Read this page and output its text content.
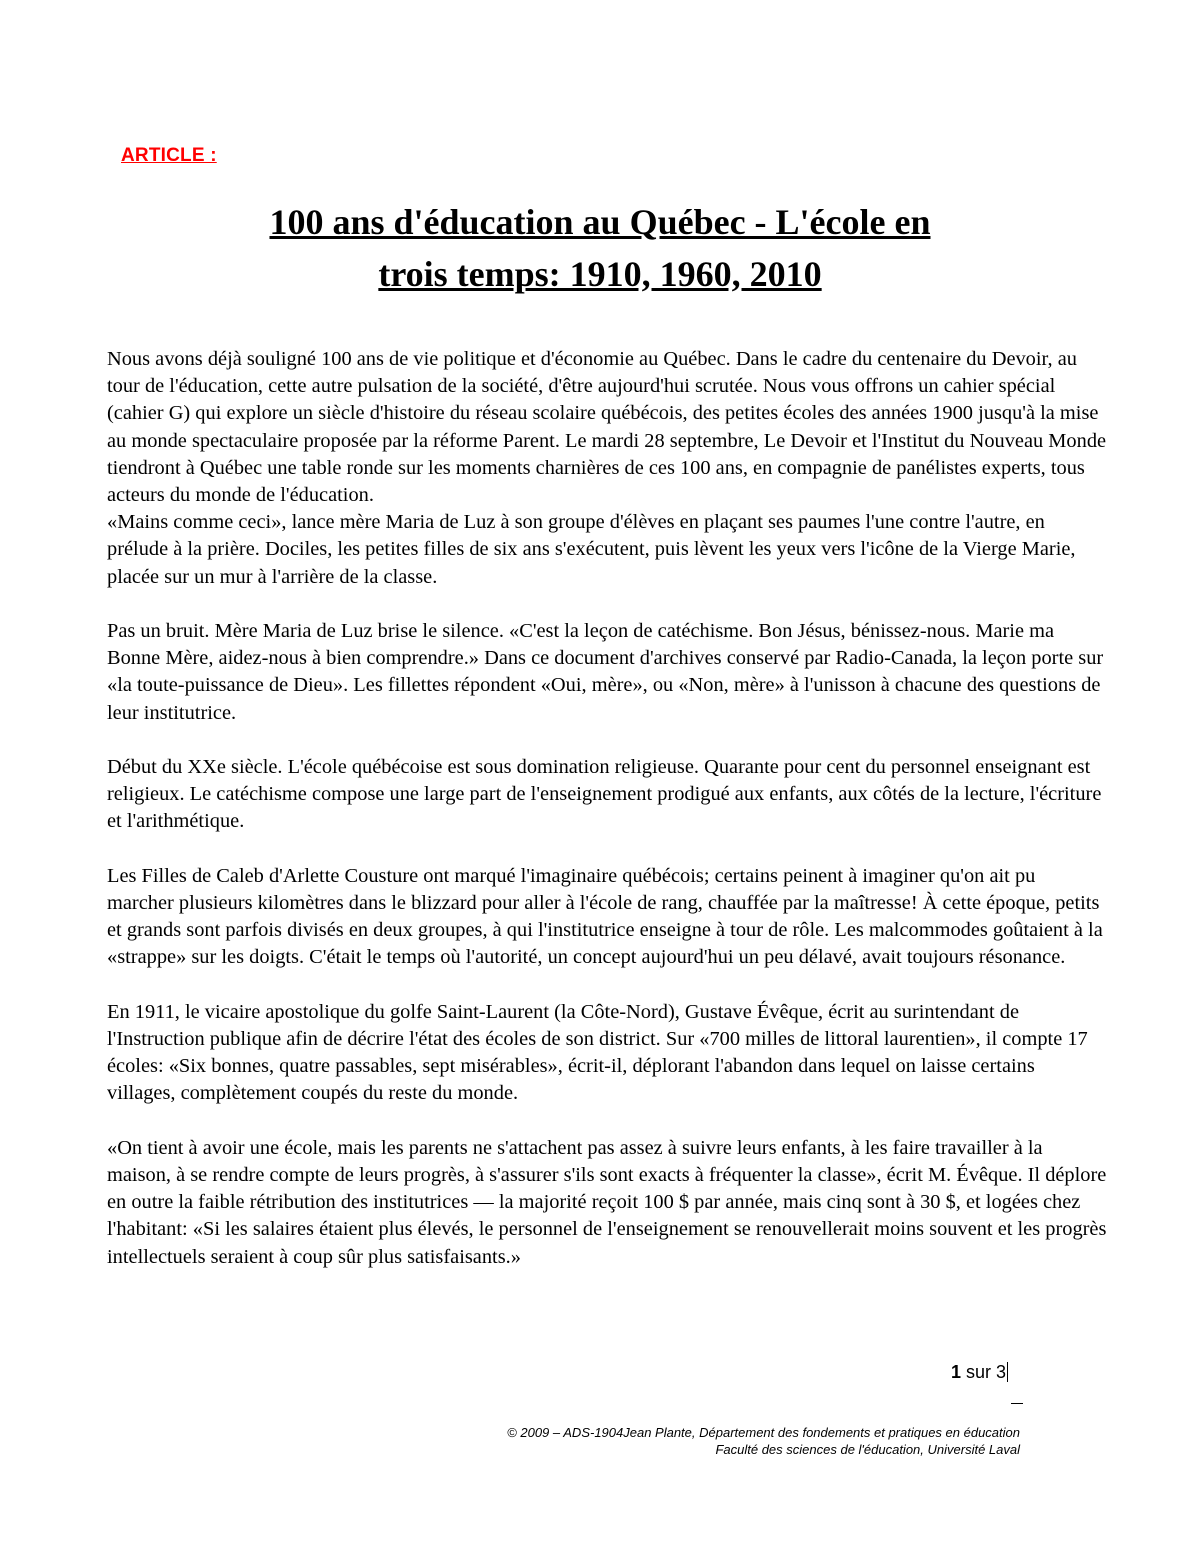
ARTICLE :
100 ans d'éducation au Québec - L'école en
trois temps: 1910, 1960, 2010

Nous avons déjà souligné 100 ans de vie politique et d'économie au Québec. Dans le cadre du centenaire du Devoir, au tour de l'éducation, cette autre pulsation de la société, d'être aujourd'hui scrutée. Nous vous offrons un cahier spécial (cahier G) qui explore un siècle d'histoire du réseau scolaire québécois, des petites écoles des années 1900 jusqu'à la mise au monde spectaculaire proposée par la réforme Parent. Le mardi 28 septembre, Le Devoir et l'Institut du Nouveau Monde tiendront à Québec une table ronde sur les moments charnières de ces 100 ans, en compagnie de panélistes experts, tous acteurs du monde de l'éducation.

«Mains comme ceci», lance mère Maria de Luz à son groupe d'élèves en plaçant ses paumes l'une contre l'autre, en prélude à la prière. Dociles, les petites filles de six ans s'exécutent, puis lèvent les yeux vers l'icône de la Vierge Marie, placée sur un mur à l'arrière de la classe.

Pas un bruit. Mère Maria de Luz brise le silence. «C'est la leçon de catéchisme. Bon Jésus, bénissez-nous. Marie ma Bonne Mère, aidez-nous à bien comprendre.» Dans ce document d'archives conservé par Radio-Canada, la leçon porte sur «la toute-puissance de Dieu». Les fillettes répondent «Oui, mère», ou «Non, mère» à l'unisson à chacune des questions de leur institutrice.

Début du XXe siècle. L'école québécoise est sous domination religieuse. Quarante pour cent du personnel enseignant est religieux. Le catéchisme compose une large part de l'enseignement prodigué aux enfants, aux côtés de la lecture, l'écriture et l'arithmétique.

Les Filles de Caleb d'Arlette Cousture ont marqué l'imaginaire québécois; certains peinent à imaginer qu'on ait pu marcher plusieurs kilomètres dans le blizzard pour aller à l'école de rang, chauffée par la maîtresse! À cette époque, petits et grands sont parfois divisés en deux groupes, à qui l'institutrice enseigne à tour de rôle. Les malcommodes goûtaient à la «strappe» sur les doigts. C'était le temps où l'autorité, un concept aujourd'hui un peu délavé, avait toujours résonance.

En 1911, le vicaire apostolique du golfe Saint-Laurent (la Côte-Nord), Gustave Évêque, écrit au surintendant de l'Instruction publique afin de décrire l'état des écoles de son district. Sur «700 milles de littoral laurentien», il compte 17 écoles: «Six bonnes, quatre passables, sept misérables», écrit-il, déplorant l'abandon dans lequel on laisse certains villages, complètement coupés du reste du monde.

«On tient à avoir une école, mais les parents ne s'attachent pas assez à suivre leurs enfants, à les faire travailler à la maison, à se rendre compte de leurs progrès, à s'assurer s'ils sont exacts à fréquenter la classe», écrit M. Évêque. Il déplore en outre la faible rétribution des institutrices — la majorité reçoit 100 $ par année, mais cinq sont à 30 $, et logées chez l'habitant: «Si les salaires étaient plus élevés, le personnel de l'enseignement se renouvellerait moins souvent et les progrès intellectuels seraient à coup sûr plus satisfaisants.»

1 sur 3
© 2009 – ADS-1904Jean Plante, Département des fondements et pratiques en éducation
Faculté des sciences de l'éducation, Université Laval
